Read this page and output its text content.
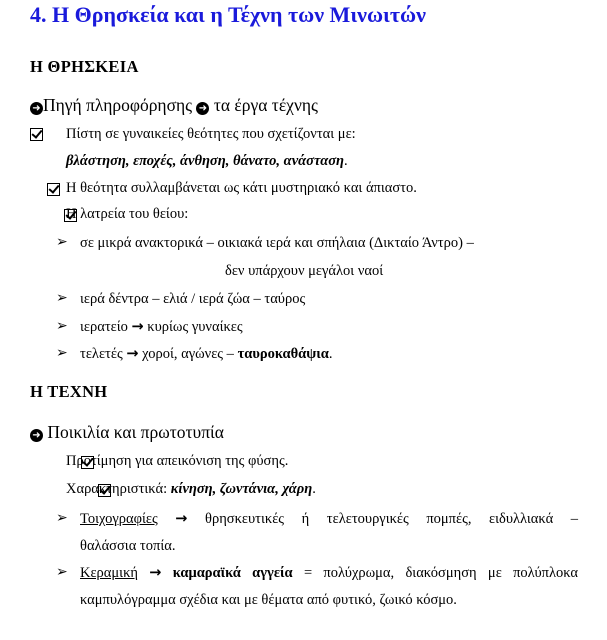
4. Η Θρησκεία και η Τέχνη των Μινωιτών
Η ΘΡΗΣΚΕΙΑ
➜ Πηγή πληροφόρησης ➜ τα έργα τέχνης

Πίστη σε γυναικείες θεότητες που σχετίζονται με:
βλάστηση, εποχές, άνθηση, θάνατο, ανάσταση.

Η θεότητα συλλαμβάνεται ως κάτι μυστηριακό και άπιαστο.

Η λατρεία του θείου:
➢ σε μικρά ανακτορικά – οικιακά ιερά και σπήλαια (Δικταίο Άντρο) –
δεν υπάρχουν μεγάλοι ναοί
➢ ιερά δέντρα – ελιά / ιερά ζώα – ταύρος
➢ ιερατείο → κυρίως γυναίκες
➢ τελετές → χοροί, αγώνες – ταυροκαθάψια.
Η ΤΕΧΝΗ
➜ Ποικιλία και πρωτοτυπία

Προτίμηση για απεικόνιση της φύσης.
Χαρακτηριστικά: κίνηση, ζωντάνια, χάρη.
➢ Τοιχογραφίες → θρησκευτικές ή τελετουργικές πομπές, ειδυλλιακά –
θαλάσσια τοπία.
➢ Κεραμική → καμαραϊκά αγγεία = πολύχρωμα, διακόσμηση με πολύπλοκα
καμπυλόγραμμα σχέδια και με θέματα από φυτικό, ζωικό κόσμο.
